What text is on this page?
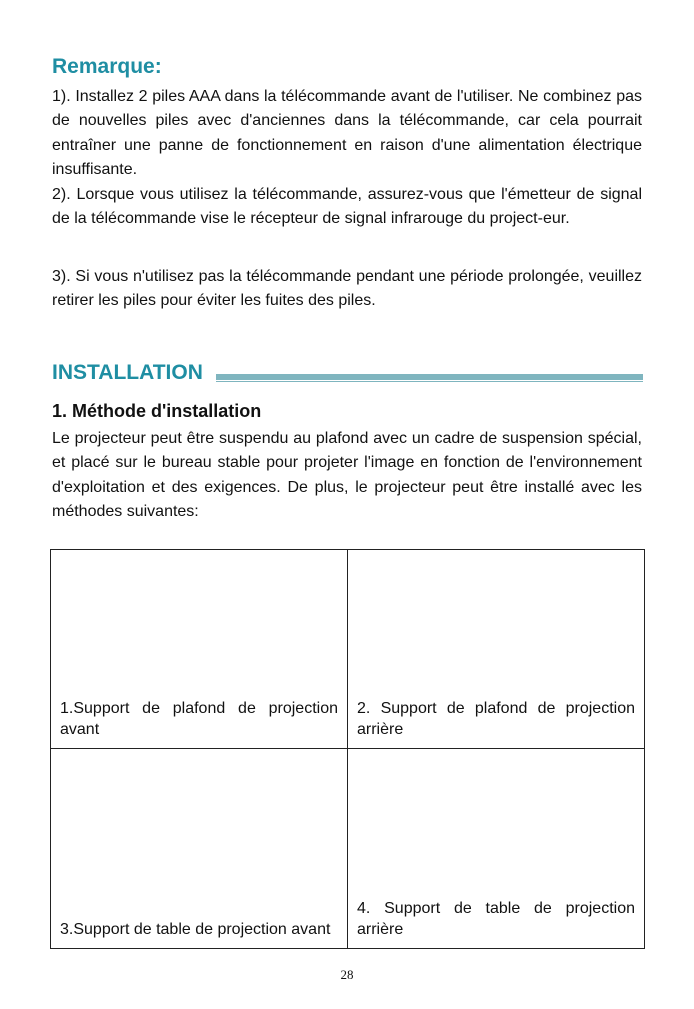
Remarque:
1). Installez 2 piles AAA dans la télécommande avant de l'utiliser. Ne combinez pas de nouvelles piles avec d'anciennes dans la télécommande, car cela pourrait entraîner une panne de fonctionnement en raison d'une alimentation électrique insuffisante.
2). Lorsque vous utilisez la télécommande, assurez-vous que l'émetteur de signal de la télécommande vise le récepteur de signal infrarouge du project-eur.
3). Si vous n'utilisez pas la télécommande pendant une période prolongée, veuillez retirer les piles pour éviter les fuites des piles.
INSTALLATION
1. Méthode d'installation
Le projecteur peut être suspendu au plafond avec un cadre de suspension spécial, et placé sur le bureau stable pour projeter l'image en fonction de l'environnement d'exploitation et des exigences. De plus, le projecteur peut être installé avec les méthodes suivantes:
1.Support de plafond de projection avant
2. Support de plafond de projection arrière
3.Support de table de projection avant
4. Support de table de projection arrière
28
